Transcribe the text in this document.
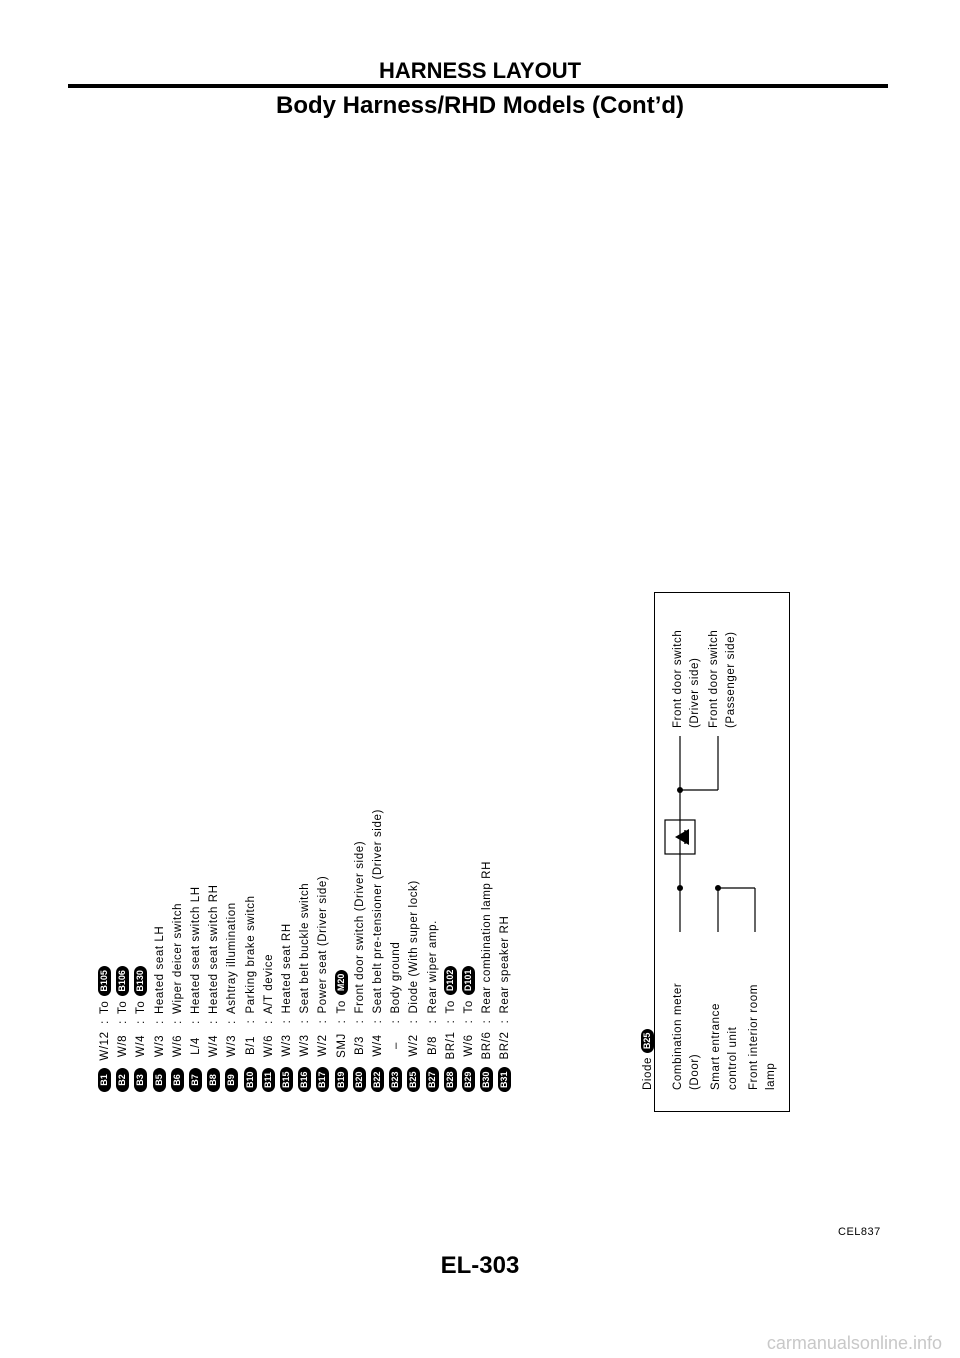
HARNESS LAYOUT
Body Harness/RHD Models (Cont’d)
B1W/12:ToB105
B2W/8:ToB106
B3W/4:ToB130
B5W/3:Heated seat LH
B6W/6:Wiper deicer switch
B7L/4:Heated seat switch LH
B8W/4:Heated seat switch RH
B9W/3:Ashtray illumination
B10B/1:Parking brake switch
B11W/6:A/T device
B15W/3:Heated seat RH
B16W/3:Seat belt buckle switch
B17W/2:Power seat (Driver side)
B19SMJ:ToM20
B20B/3:Front door switch (Driver side)
B22W/4:Seat belt pre-tensioner (Driver side)
B23–:Body ground
B25W/2:Diode (With super lock)
B27B/8:Rear wiper amp.
B28BR/1:ToD102
B29W/6:ToD101
B30BR/6:Rear combination lamp RH
B31BR/2:Rear speaker RH
Diode B25	Combination meter (Door) Smart entrance control unit Front interior room lamp
Front door switch (Driver side) Front door switch (Passenger side)
CEL837
EL-303
carmanualsonline.info
